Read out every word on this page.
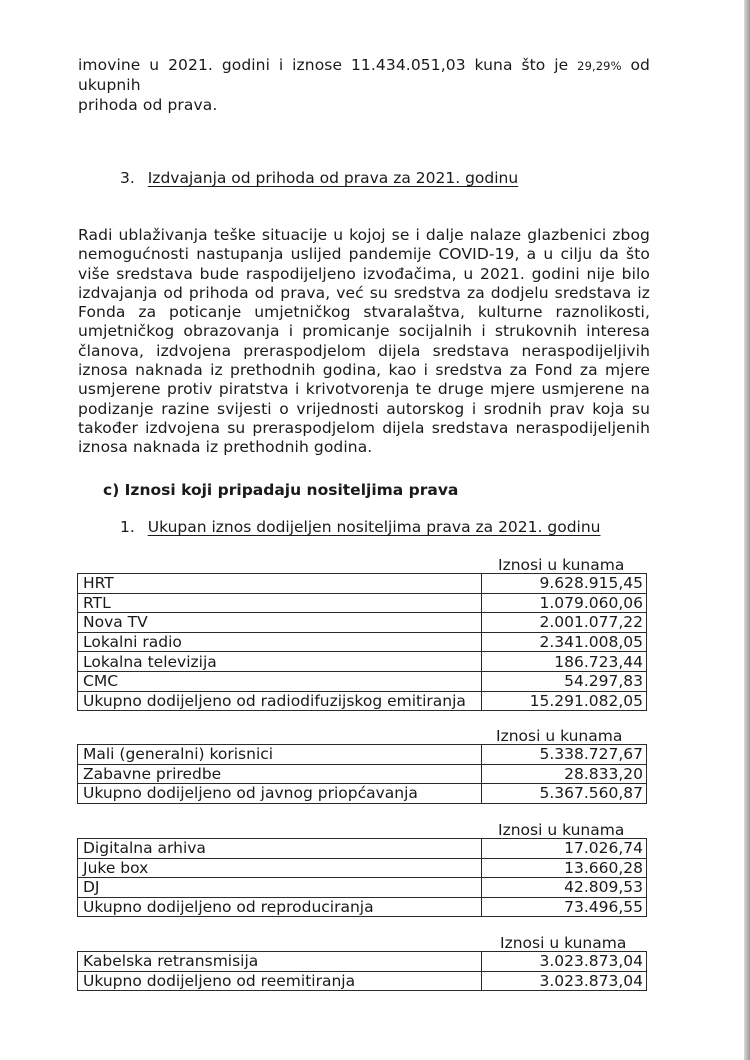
imovine u 2021. godini i iznose 11.434.051,03 kuna što je 29,29% od ukupnih
prihoda od prava.
3. Izdvajanja od prihoda od prava za 2021. godinu
Radi ublaživanja teške situacije u kojoj se i dalje nalaze glazbenici zbog nemogućnosti nastupanja uslijed pandemije COVID-19, a u cilju da što više sredstava bude raspodijeljeno izvođačima, u 2021. godini nije bilo izdvajanja od prihoda od prava, već su sredstva za dodjelu sredstava iz Fonda za poticanje umjetničkog stvaralaštva, kulturne raznolikosti, umjetničkog obrazovanja i promicanje socijalnih i strukovnih interesa članova, izdvojena preraspodjelom dijela sredstava neraspodijeljivih iznosa naknada iz prethodnih godina, kao i sredstva za Fond za mjere usmjerene protiv piratstva i krivotvorenja te druge mjere usmjerene na podizanje razine svijesti o vrijednosti autorskog i srodnih prav koja su također izdvojena su preraspodjelom dijela sredstava neraspodijeljenih iznosa naknada iz prethodnih godina.
c) Iznosi koji pripadaju nositeljima prava
1. Ukupan iznos dodijeljen nositeljima prava za 2021. godinu
Iznosi u kunama
HRT	9.628.915,45
RTL	1.079.060,06
Nova TV	2.001.077,22
Lokalni radio	2.341.008,05
Lokalna televizija	186.723,44
CMC	54.297,83
Ukupno dodijeljeno od radiodifuzijskog emitiranja	15.291.082,05
Iznosi u kunama
Mali (generalni) korisnici	5.338.727,67
Zabavne priredbe	28.833,20
Ukupno dodijeljeno od javnog priopćavanja	5.367.560,87
Iznosi u kunama
Digitalna arhiva	17.026,74
Juke box	13.660,28
DJ	42.809,53
Ukupno dodijeljeno od reproduciranja	73.496,55
Iznosi u kunama
Kabelska retransmisija	3.023.873,04
Ukupno dodijeljeno od reemitiranja	3.023.873,04
